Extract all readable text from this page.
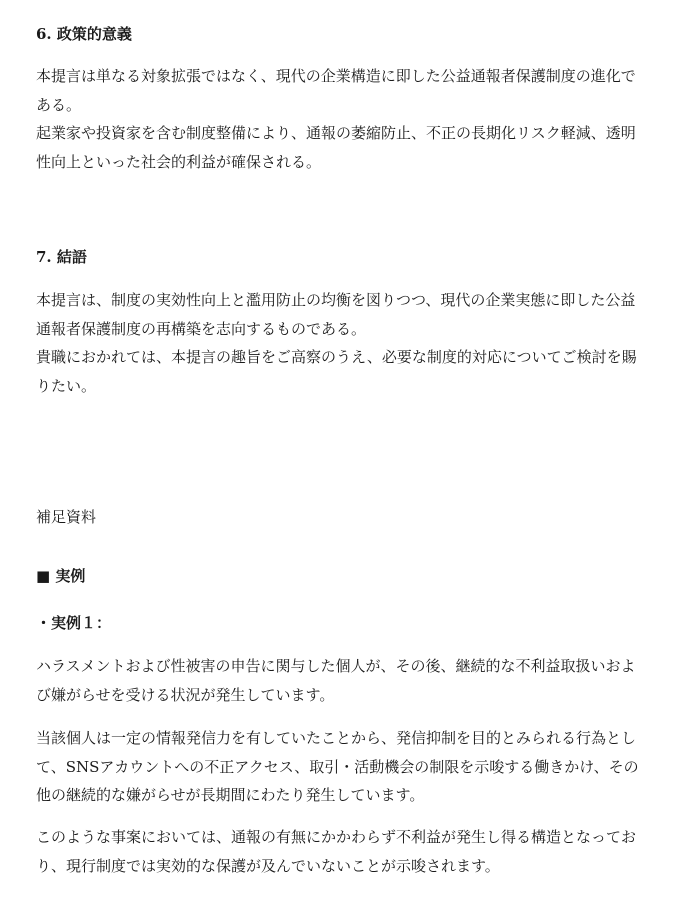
6. 政策的意義

本提言は単なる対象拡張ではなく、現代の企業構造に即した公益通報者保護制度の進化である。

起業家や投資家を含む制度整備により、通報の萎縮防止、不正の長期化リスク軽減、透明性向上といった社会的利益が確保される。

7. 結語

本提言は、制度の実効性向上と濫用防止の均衡を図りつつ、現代の企業実態に即した公益通報者保護制度の再構築を志向するものである。

貴職におかれては、本提言の趣旨をご高察のうえ、必要な制度的対応についてご検討を賜りたい。

補足資料
■ 実例
・実例１：

ハラスメントおよび性被害の申告に関与した個人が、その後、継続的な不利益取扱いおよび嫌がらせを受ける状況が発生しています。

当該個人は一定の情報発信力を有していたことから、発信抑制を目的とみられる行為として、SNSアカウントへの不正アクセス、取引・活動機会の制限を示唆する働きかけ、その他の継続的な嫌がらせが長期間にわたり発生しています。

このような事案においては、通報の有無にかかわらず不利益が発生し得る構造となっており、現行制度では実効的な保護が及んでいないことが示唆されます。
